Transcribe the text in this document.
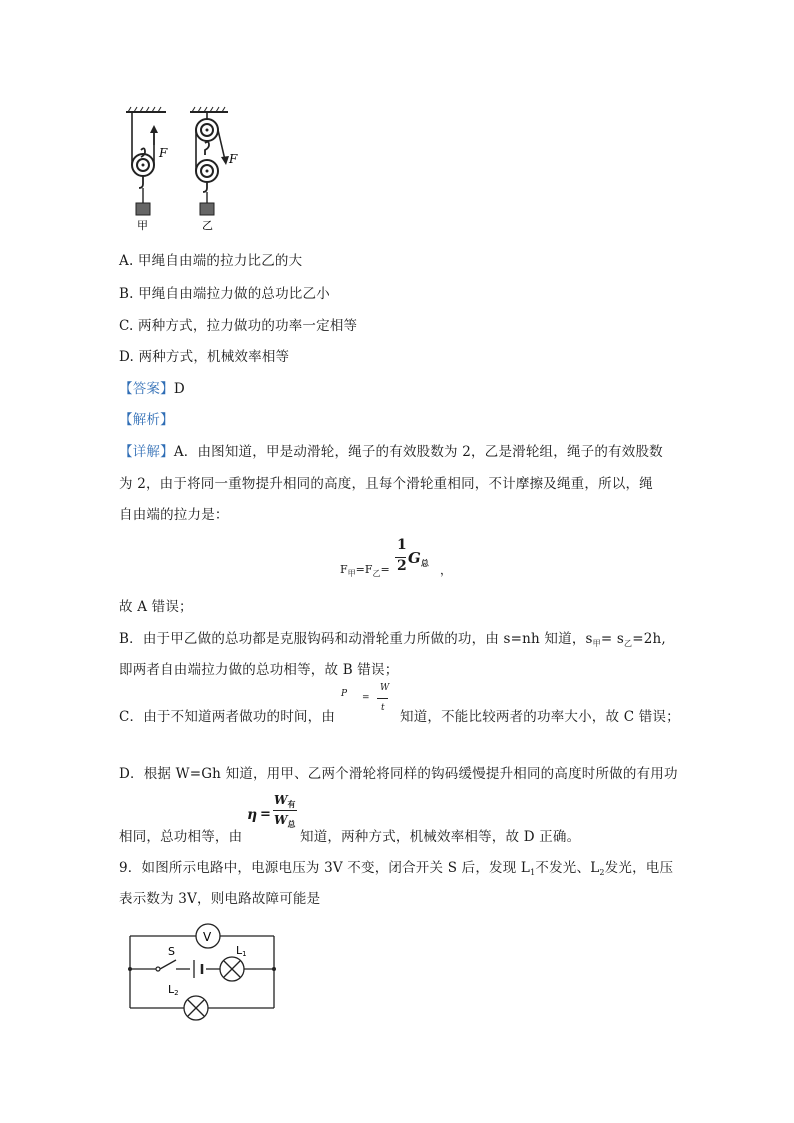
F
甲
F
乙
A. 甲绳自由端的拉力比乙的大
B. 甲绳自由端拉力做的总功比乙小
C. 两种方式，拉力做功的功率一定相等
D. 两种方式，机械效率相等
【答案】D
【解析】
【详解】A．由图知道，甲是动滑轮，绳子的有效股数为 2，乙是滑轮组，绳子的有效股数
为 2，由于将同一重物提升相同的高度，且每个滑轮重相同，不计摩擦及绳重，所以，绳
自由端的拉力是：
$F_甲=F_乙=$
1
2 $G_总$ ，
故 A 错误；
B．由于甲乙做的总功都是克服钩码和动滑轮重力所做的功，由 s=nh 知道，$s_甲= s_乙=2h$,
即两者自由端拉力做的总功相等，故 B 错误；
C．由于不知道两者做功的时间，由
P =
W
t
知道，不能比较两者的功率大小，故 C 错误；
D．根据 W=Gh 知道，用甲、乙两个滑轮将同样的钩码缓慢提升相同的高度时所做的有用功
相同，总功相等，由
η =
$W_有$
$W_总$
知道，两种方式，机械效率相等，故 D 正确。
9．如图所示电路中，电源电压为 3V 不变，闭合开关 S 后，发现 $L_1$不发光、$L_2$发光，电压
表示数为 3V，则电路故障可能是
V
S	L1
L2
